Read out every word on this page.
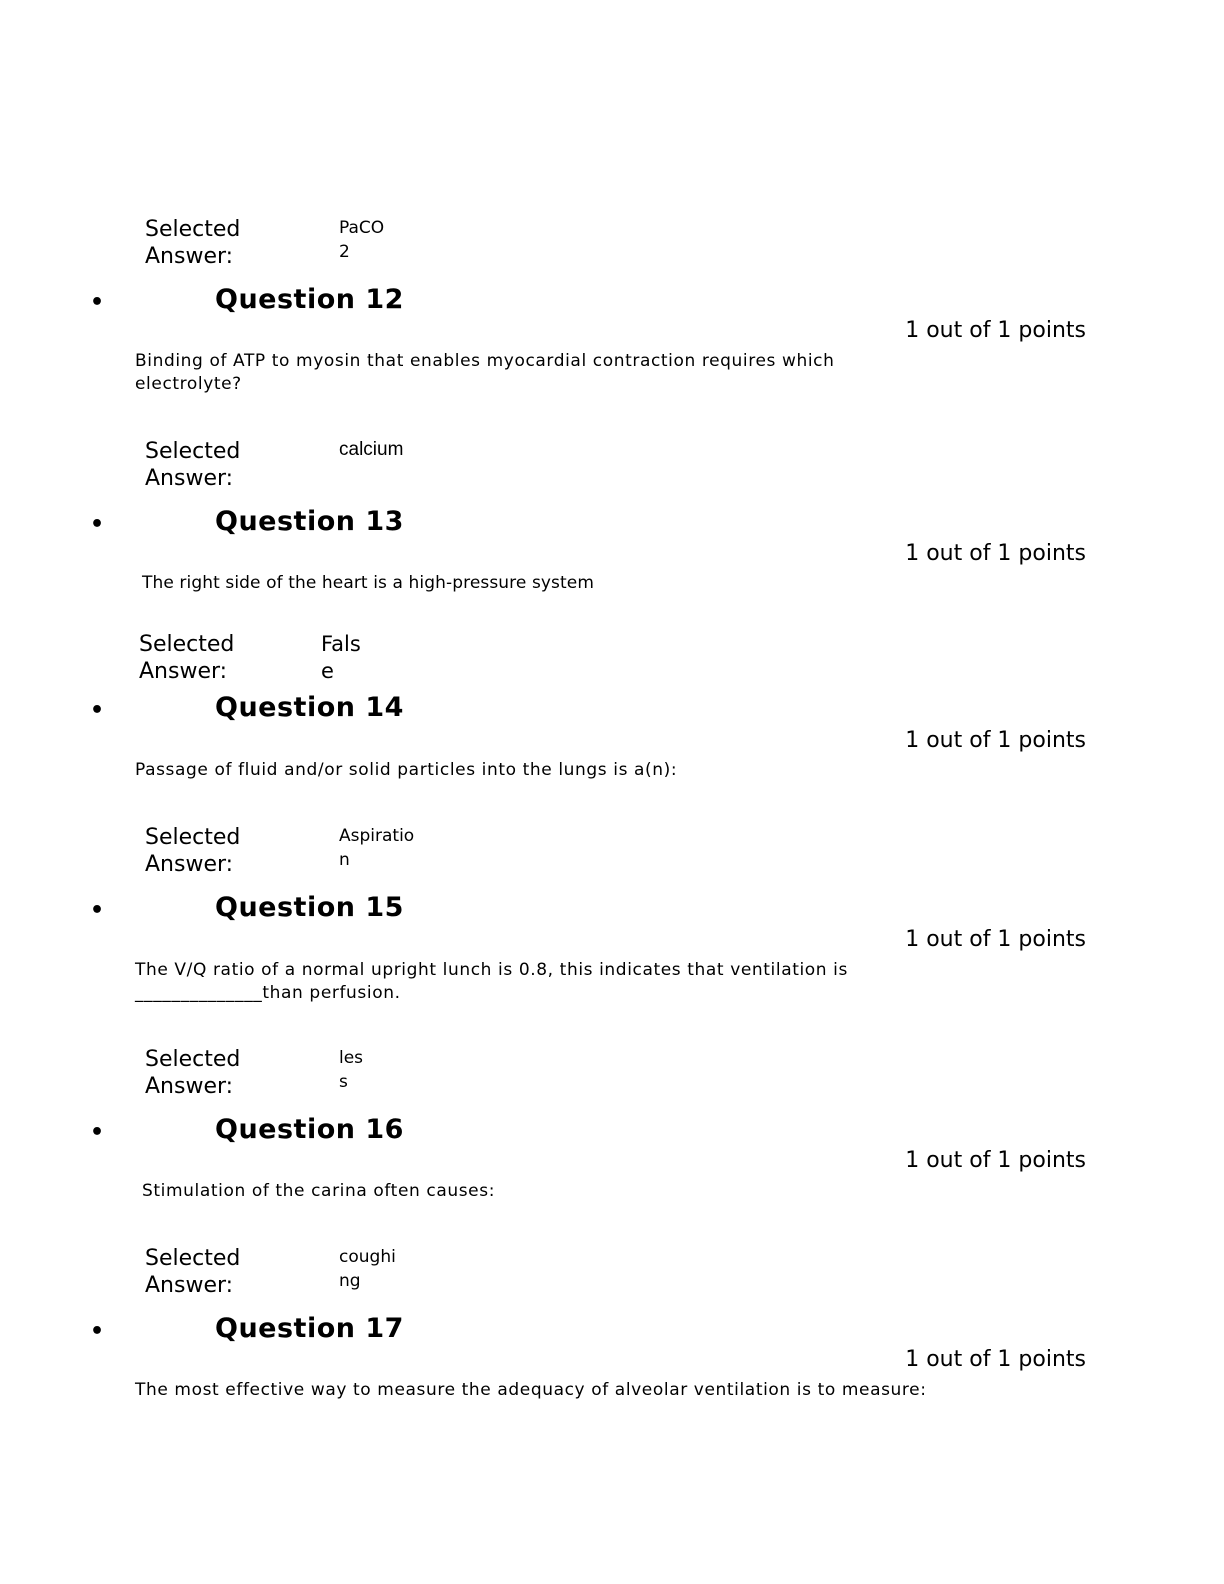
Selected
Answer:
PaCO
2
•	Question 12
1 out of 1 points
Binding of ATP to myosin that enables myocardial contraction requires which
electrolyte?
Selected
Answer:
calcium
•	Question 13
1 out of 1 points
The right side of the heart is a high-pressure system
Selected
Answer:
Fals
e
•	Question 14
1 out of 1 points
Passage of fluid and/or solid particles into the lungs is a(n):
Selected
Answer:
Aspiratio
n
•	Question 15
1 out of 1 points
The V/Q ratio of a normal upright lunch is 0.8, this indicates that ventilation is
______________than perfusion.
Selected
Answer:
les
s
•	Question 16
1 out of 1 points
Stimulation of the carina often causes:
Selected
Answer:
coughi
ng
•	Question 17
1 out of 1 points
The most effective way to measure the adequacy of alveolar ventilation is to measure:
